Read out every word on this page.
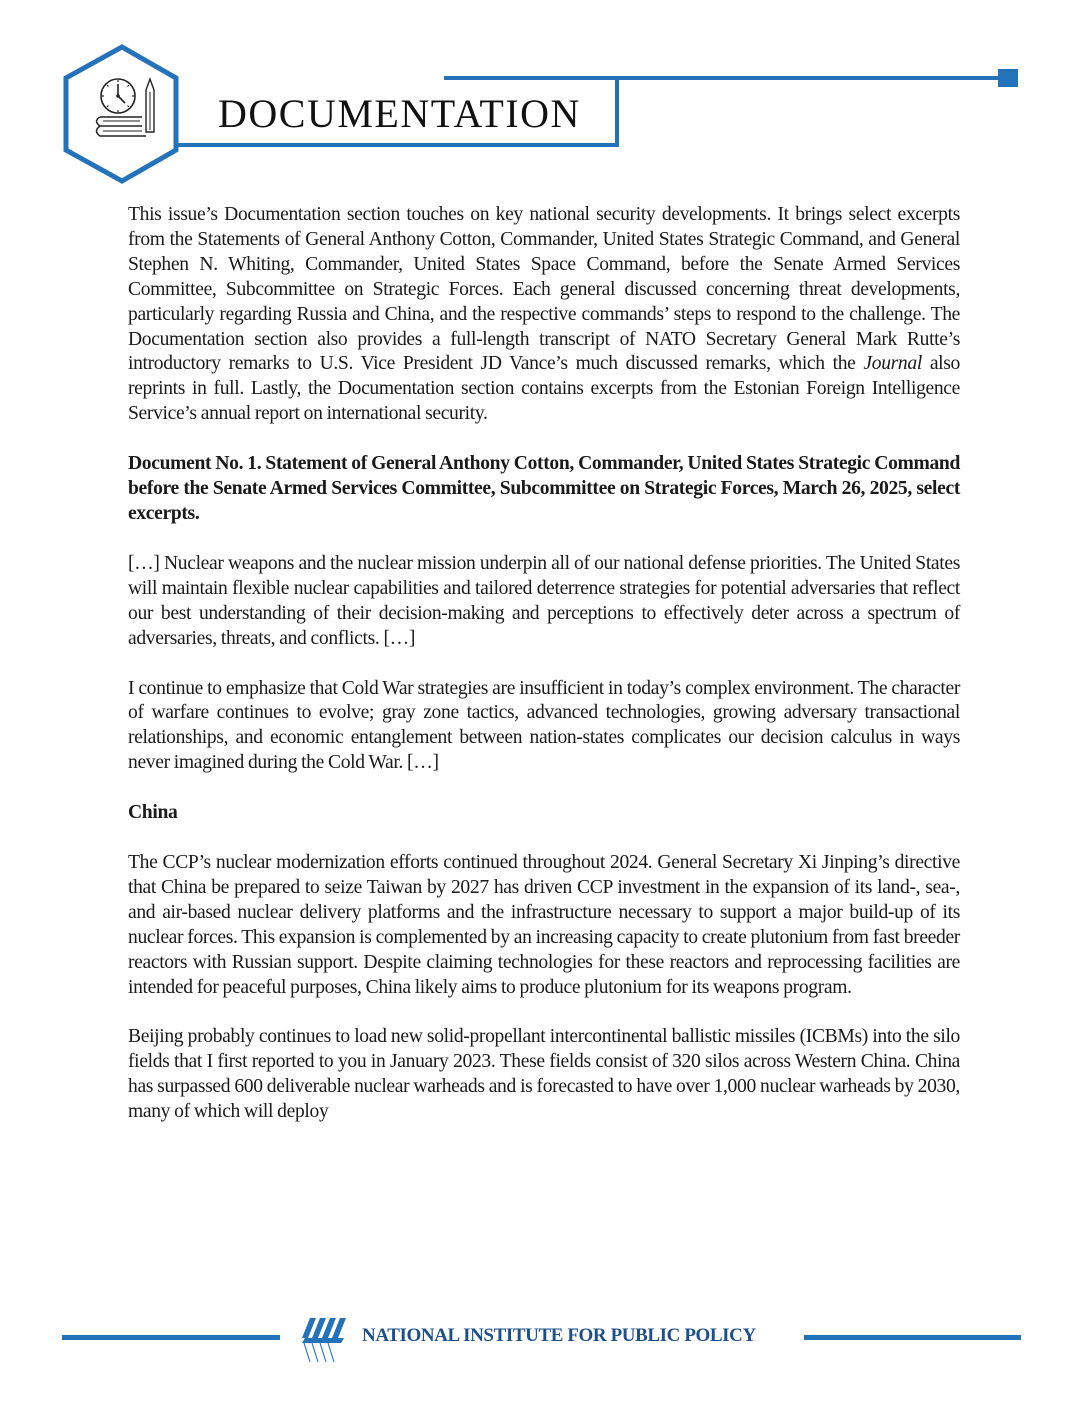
DOCUMENTATION

This issue’s Documentation section touches on key national security developments. It brings select excerpts from the Statements of General Anthony Cotton, Commander, United States Strategic Command, and General Stephen N. Whiting, Commander, United States Space Command, before the Senate Armed Services Committee, Subcommittee on Strategic Forces. Each general discussed concerning threat developments, particularly regarding Russia and China, and the respective commands’ steps to respond to the challenge. The Documentation section also provides a full-length transcript of NATO Secretary General Mark Rutte’s introductory remarks to U.S. Vice President JD Vance’s much discussed remarks, which the Journal also reprints in full. Lastly, the Documentation section contains excerpts from the Estonian Foreign Intelligence Service’s annual report on international security.

Document No. 1. Statement of General Anthony Cotton, Commander, United States Strategic Command before the Senate Armed Services Committee, Subcommittee on Strategic Forces, March 26, 2025, select excerpts.

[…] Nuclear weapons and the nuclear mission underpin all of our national defense priorities. The United States will maintain flexible nuclear capabilities and tailored deterrence strategies for potential adversaries that reflect our best understanding of their decision-making and perceptions to effectively deter across a spectrum of adversaries, threats, and conflicts. […]

I continue to emphasize that Cold War strategies are insufficient in today’s complex environment. The character of warfare continues to evolve; gray zone tactics, advanced technologies, growing adversary transactional relationships, and economic entanglement between nation-states complicates our decision calculus in ways never imagined during the Cold War. […]

China

The CCP’s nuclear modernization efforts continued throughout 2024. General Secretary Xi Jinping’s directive that China be prepared to seize Taiwan by 2027 has driven CCP investment in the expansion of its land-, sea-, and air-based nuclear delivery platforms and the infrastructure necessary to support a major build-up of its nuclear forces. This expansion is complemented by an increasing capacity to create plutonium from fast breeder reactors with Russian support. Despite claiming technologies for these reactors and reprocessing facilities are intended for peaceful purposes, China likely aims to produce plutonium for its weapons program.

Beijing probably continues to load new solid-propellant intercontinental ballistic missiles (ICBMs) into the silo fields that I first reported to you in January 2023. These fields consist of 320 silos across Western China. China has surpassed 600 deliverable nuclear warheads and is forecasted to have over 1,000 nuclear warheads by 2030, many of which will deploy

NATIONAL INSTITUTE FOR PUBLIC POLICY
